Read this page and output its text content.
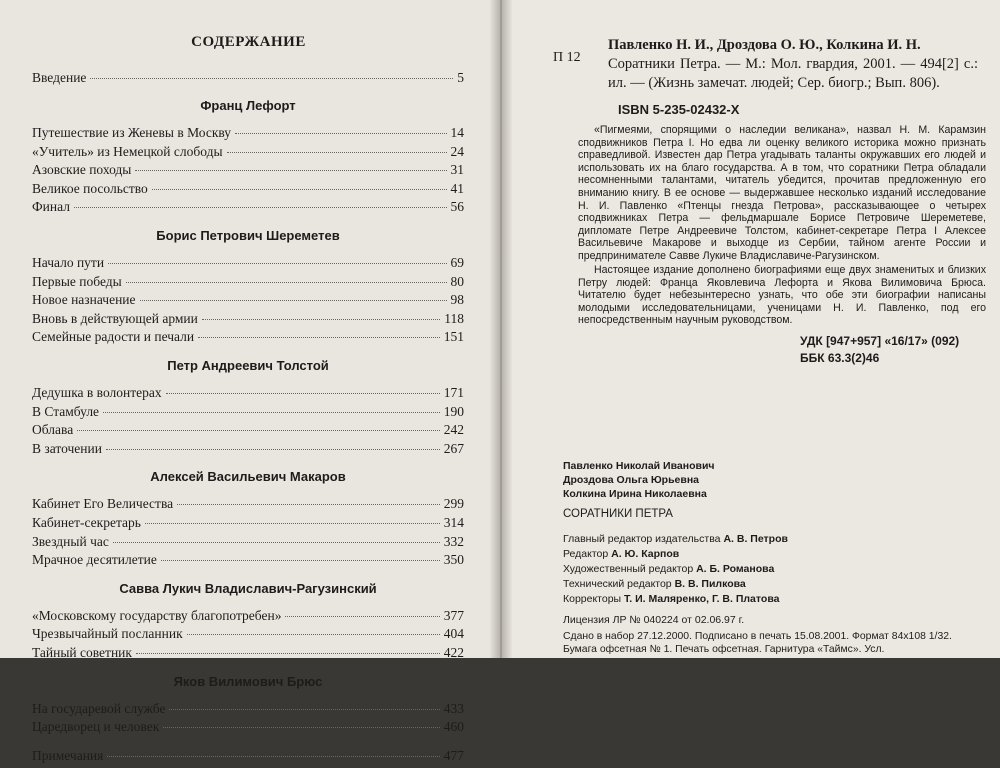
СОДЕРЖАНИЕ
Введение	5
Франц Лефорт
Путешествие из Женевы в Москву	14
«Учитель» из Немецкой слободы	24
Азовские походы	31
Великое посольство	41
Финал	56
Борис Петрович Шереметев
Начало пути	69
Первые победы	80
Новое назначение	98
Вновь в действующей армии	118
Семейные радости и печали	151
Петр Андреевич Толстой
Дедушка в волонтерах	171
В Стамбуле	190
Облава	242
В заточении	267
Алексей Васильевич Макаров
Кабинет Его Величества	299
Кабинет-секретарь	314
Звездный час	332
Мрачное десятилетие	350
Савва Лукич Владиславич-Рагузинский
«Московскому государству благопотребен»	377
Чрезвычайный посланник	404
Тайный советник	422
Яков Вилимович Брюс
На государевой службе	433
Царедворец и человек	460
Примечания	477
П 12
Павленко Н. И., Дроздова О. Ю., Колкина И. Н.
Соратники Петра. — М.: Мол. гвардия, 2001. — 494[2] с.: ил. — (Жизнь замечат. людей; Сер. биогр.; Вып. 806).
ISBN 5-235-02432-X
«Пигмеями, спорящими о наследии великана», назвал Н. М. Карамзин сподвижников Петра I. Но едва ли оценку великого историка можно признать справедливой. Известен дар Петра угадывать таланты окружавших его людей и использовать их на благо государства. А в том, что соратники Петра обладали несомненными талантами, читатель убедится, прочитав предложенную его вниманию книгу. В ее основе — выдержавшее несколько изданий исследование Н. И. Павленко «Птенцы гнезда Петрова», рассказывающее о четырех сподвижниках Петра — фельдмаршале Борисе Петровиче Шереметеве, дипломате Петре Андреевиче Толстом, кабинет-секретаре Петра I Алексее Васильевиче Макарове и выходце из Сербии, тайном агенте России и предпринимателе Савве Лукиче Владиславиче-Рагузинском.
Настоящее издание дополнено биографиями еще двух знаменитых и близких Петру людей: Франца Яковлевича Лефорта и Якова Вилимовича Брюса. Читателю будет небезынтересно узнать, что обе эти биографии написаны молодыми исследовательницами, ученицами Н. И. Павленко, под его непосредственным научным руководством.
УДК [947+957] «16/17» (092)
ББК 63.3(2)46
Павленко Николай Иванович
Дроздова Ольга Юрьевна
Колкина Ирина Николаевна
СОРАТНИКИ ПЕТРА
Главный редактор издательства А. В. Петров
Редактор А. Ю. Карпов
Художественный редактор А. Б. Романова
Технический редактор В. В. Пилкова
Корректоры Т. И. Маляренко, Г. В. Платова
Лицензия ЛР № 040224 от 02.06.97 г.
Сдано в набор 27.12.2000. Подписано в печать 15.08.2001. Формат 84х108 1/32. Бумага офсетная № 1. Печать офсетная. Гарнитура «Таймс». Усл.
